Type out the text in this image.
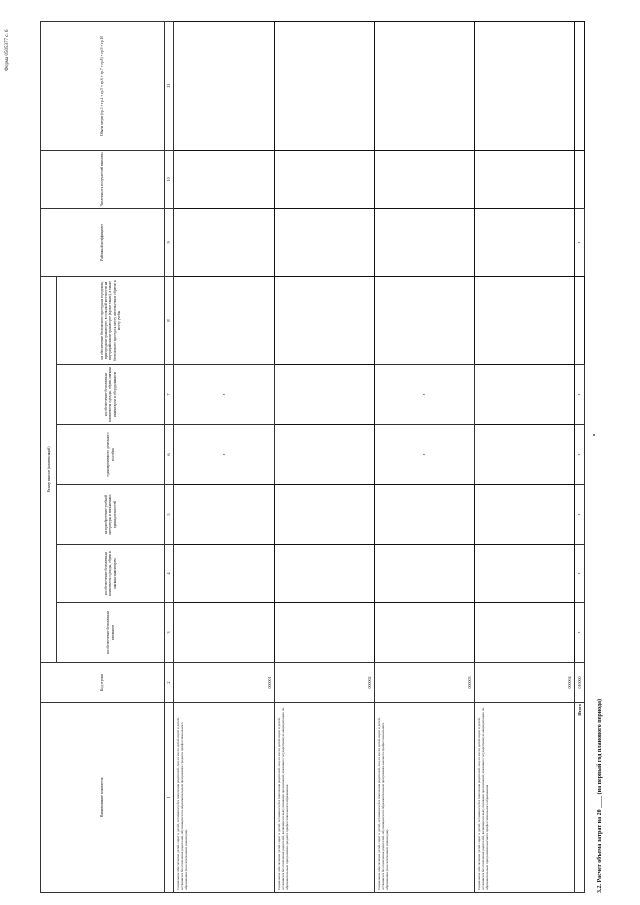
3.2. Расчет объема затрат на 20 ____ (на первый год планового периода)
Форма 0505377 с. 6
Наименование показателя	Код строки	Размер выплат (компенсаций)						Районный коэффициент	Численность получателей выплаты	Объем затрат (гр.3 + гр.4 + гр.5 + гр.6 + гр.7 + гр.8) × гр.9 × гр.10
		на обеспечение бесплатным питанием	на обеспечение бесплатным комплектом одежды, обуви и мягким инвентарем	на приобретение учебной литературы и письменных принадлежностей	единовременного денежного пособия	на обеспечение бесплатным комплектом одежды, обуви, мягким инвентарем и оборудованием	на обеспечение бесплатного проезда на городском, пригородном транспорте, в сельской местности на внутрирайонном транспорте (кроме такси), а также бесплатного проезда к месту жительства и обратно к месту учебы			
1	2	3	4	5	6	7	8	9	10	11
Социальное обеспечение детей-сирот и детей, оставшихся без попечения родителей, лиц из числа детей-сирот и детей, оставшихся без попечения родителей, обучающихся по образовательным программам среднего профессионального образования (за исключением инвалидов)	000001				x	x				
Социальное обеспечение детей-сирот и детей, оставшихся без попечения родителей, лиц из числа детей-сирот и детей, оставшихся без попечения родителей, являющихся выпускниками организаций, имеющих государственную аккредитацию по образовательным программам среднего профессионального образования	000002									
Социальное обеспечение детей-сирот и детей, оставшихся без попечения родителей, лиц из числа детей-сирот и детей, оставшихся без попечения родителей, обучающихся по образовательным программам высшего профессионального образования (за исключением инвалидов)	000003				x	x				
Социальное обеспечение детей-сирот и детей, оставшихся без попечения родителей, лиц из числа детей-сирот и детей, оставшихся без попечения родителей, являющихся выпускниками организаций, имеющих государственную аккредитацию по образовательным программам высшего профессионального образования	000004									
Итого	010000	x	x	x	x	x		x		
